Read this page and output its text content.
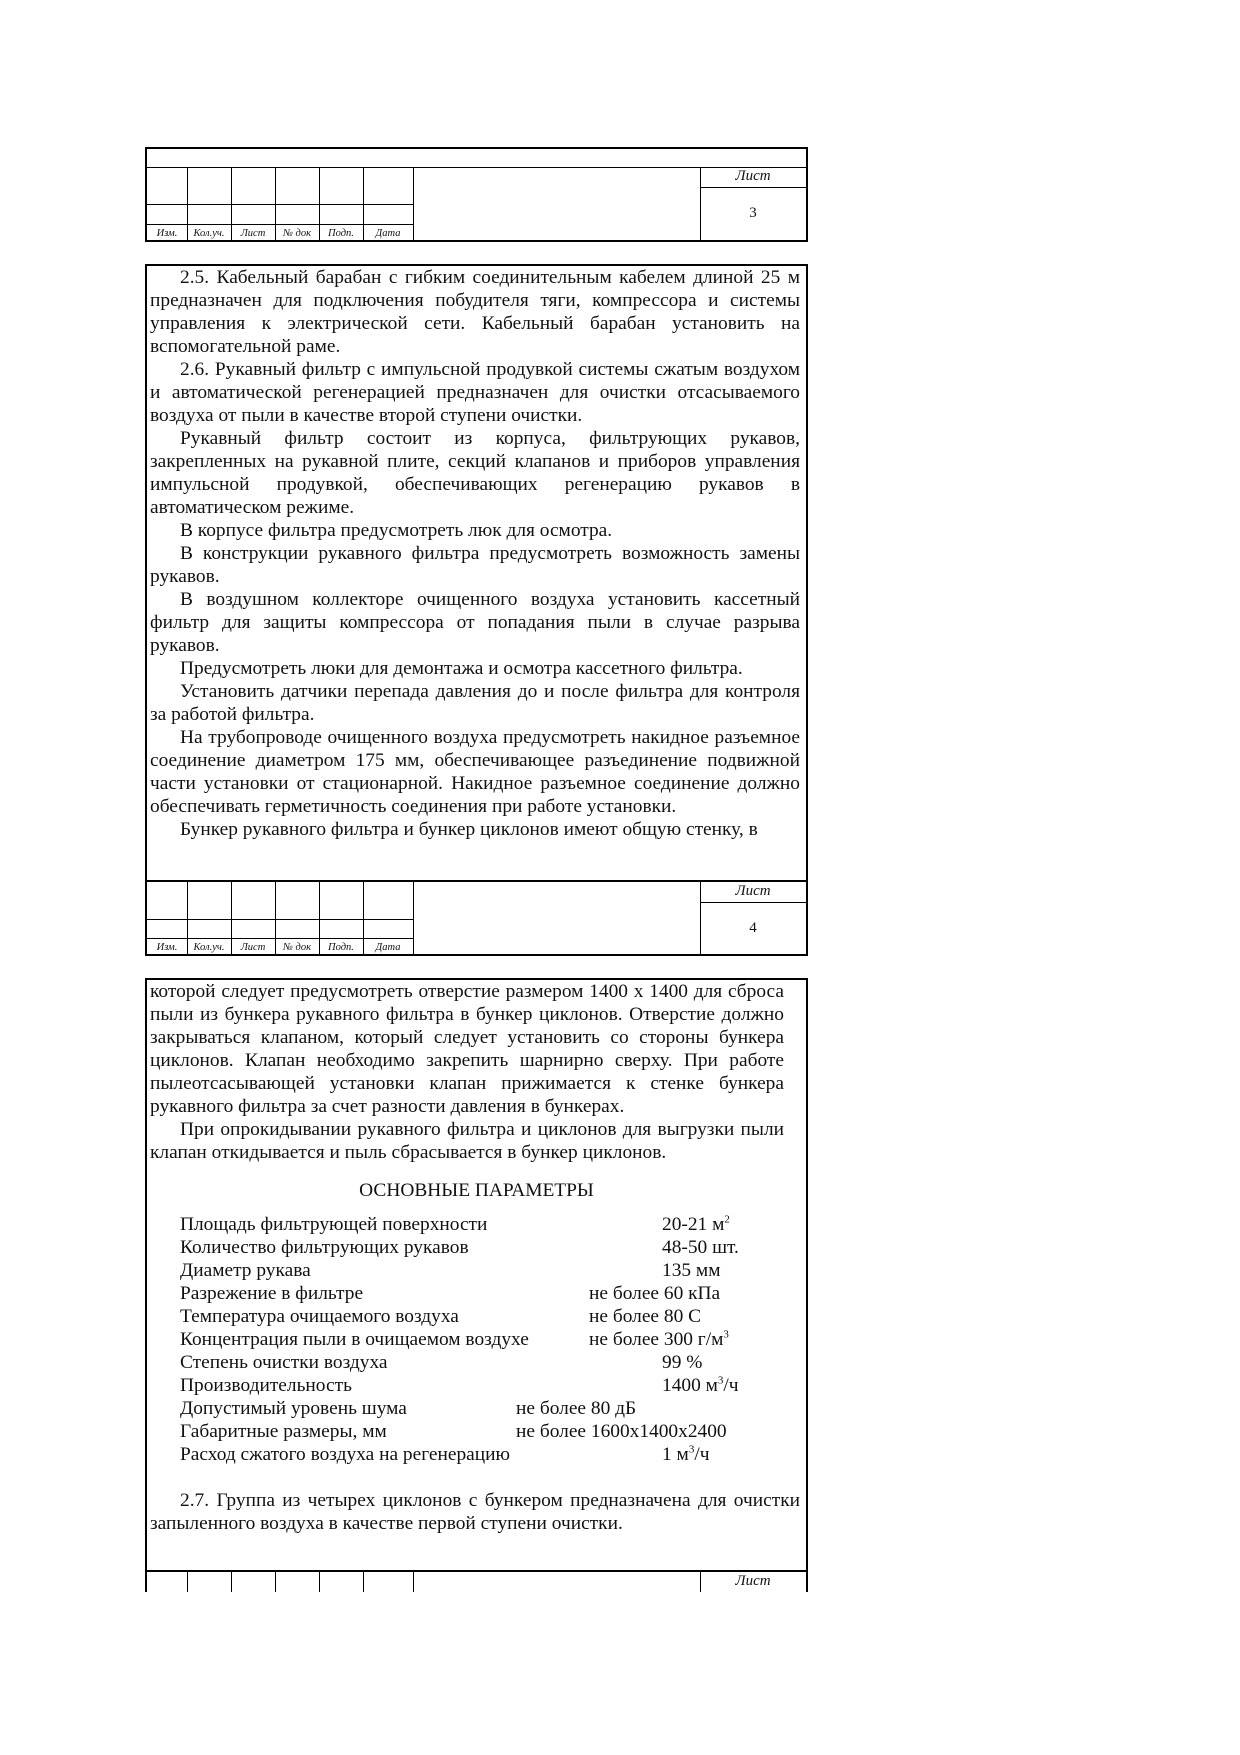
Изм.	Кол.уч.	Лист	№ док	Подп.	Дата
Лист
3

2.5. Кабельный барабан с гибким соединительным кабелем длиной 25 м предназначен для подключения побудителя тяги, компрессора и системы управления к электрической сети. Кабельный барабан установить на вспомогательной раме.

2.6. Рукавный фильтр с импульсной продувкой системы сжатым воздухом и автоматической регенерацией предназначен для очистки отсасываемого воздуха от пыли в качестве второй ступени очистки.

Рукавный фильтр состоит из корпуса, фильтрующих рукавов, закрепленных на рукавной плите, секций клапанов и приборов управления импульсной продувкой, обеспечивающих регенерацию рукавов в автоматическом режиме.

В корпусе фильтра предусмотреть люк для осмотра.

В конструкции рукавного фильтра предусмотреть возможность замены рукавов.

В воздушном коллекторе очищенного воздуха установить кассетный фильтр для защиты компрессора от попадания пыли в случае разрыва рукавов.

Предусмотреть люки для демонтажа и осмотра кассетного фильтра.

Установить датчики перепада давления до и после фильтра для контроля за работой фильтра.

На трубопроводе очищенного воздуха предусмотреть накидное разъемное соединение диаметром 175 мм, обеспечивающее разъединение подвижной части установки от стационарной. Накидное разъемное соединение должно обеспечивать герметичность соединения при работе установки.

Бункер рукавного фильтра и бункер циклонов имеют общую стенку, в

Изм.	Кол.уч.	Лист	№ док	Подп.	Дата
Лист
4

которой следует предусмотреть отверстие размером 1400 х 1400 для сброса пыли из бункера рукавного фильтра в бункер циклонов. Отверстие должно закрываться клапаном, который следует установить со стороны бункера циклонов. Клапан необходимо закрепить шарнирно сверху. При работе пылеотсасывающей установки клапан прижимается к стенке бункера рукавного фильтра за счет разности давления в бункерах.

При опрокидывании рукавного фильтра и циклонов для выгрузки пыли клапан откидывается и пыль сбрасывается в бункер циклонов.

ОСНОВНЫЕ ПАРАМЕТРЫ
Площадь фильтрующей поверхности	20-21 $м^2$
Количество фильтрующих рукавов	48-50 шт.
Диаметр рукава	135 мм
Разрежение в фильтре	не более 60 кПа
Температура очищаемого воздуха	не более 80 С
Концентрация пыли в очищаемом воздухе	не более 300 $г/м^3$
Степень очистки воздуха	99 %
Производительность	1400 $м^3/ч$
Допустимый уровень шума	не более 80 дБ
Габаритные размеры, мм	не более 1600х1400х2400
Расход сжатого воздуха на регенерацию	1 $м^3/ч$

2.7. Группа из четырех циклонов с бункером предназначена для очистки запыленного воздуха в качестве первой ступени очистки.

Лист
